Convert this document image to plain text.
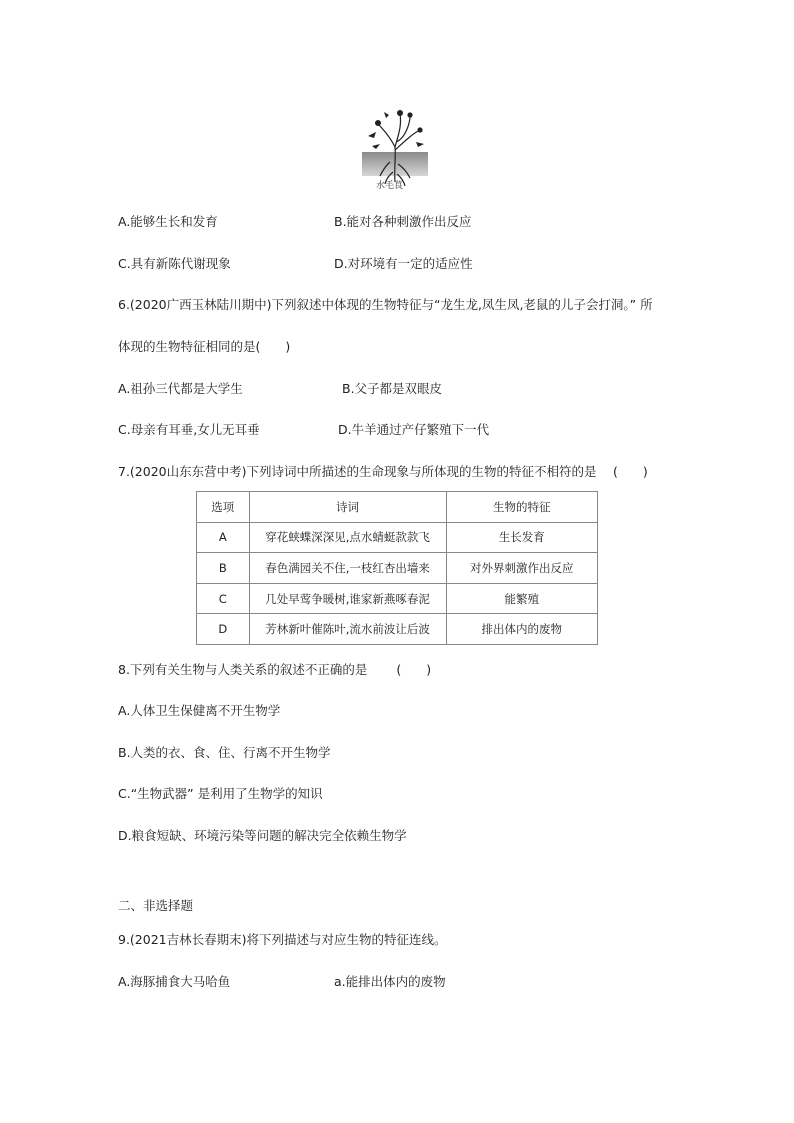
水毛茛
A.能够生长和发育	B.能对各种刺激作出反应
C.具有新陈代谢现象	D.对环境有一定的适应性
6.(2020广西玉林陆川期中)下列叙述中体现的生物特征与“龙生龙,凤生凤,老鼠的儿子会打洞。” 所
体现的生物特征相同的是(　　)
A.祖孙三代都是大学生	B.父子都是双眼皮
C.母亲有耳垂,女儿无耳垂	D.牛羊通过产仔繁殖下一代
7.(2020山东东营中考)下列诗词中所描述的生命现象与所体现的生物的特征不相符的是　 (　　)
选项	诗词	生物的特征
A	穿花蛱蝶深深见,点水蜻蜓款款飞	生长发育
B	春色满园关不住,一枝红杏出墙来	对外界刺激作出反应
C	几处早莺争暖树,谁家新燕啄春泥	能繁殖
D	芳林新叶催陈叶,流水前波让后波	排出体内的废物
8.下列有关生物与人类关系的叙述不正确的是　　 (　　)
A.人体卫生保健离不开生物学
B.人类的衣、食、住、行离不开生物学
C.“生物武器” 是利用了生物学的知识
D.粮食短缺、环境污染等问题的解决完全依赖生物学
二、非选择题
9.(2021吉林长春期末)将下列描述与对应生物的特征连线。
A.海豚捕食大马哈鱼	a.能排出体内的废物
